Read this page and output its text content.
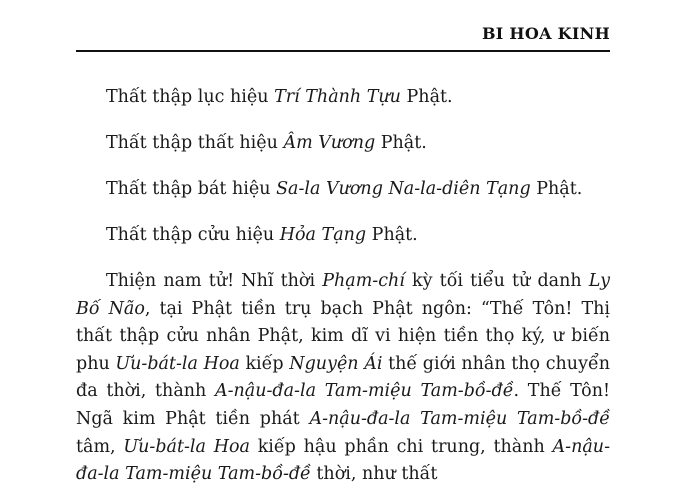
BI HOA KINH

Thất thập lục hiệu Trí Thành Tựu Phật.

Thất thập thất hiệu Âm Vương Phật.

Thất thập bát hiệu Sa-la Vương Na-la-diên Tạng Phật.

Thất thập cửu hiệu Hỏa Tạng Phật.

Thiện nam tử! Nhĩ thời Phạm-chí kỳ tối tiểu tử danh Ly Bố Não, tại Phật tiền trụ bạch Phật ngôn: “Thế Tôn! Thị thất thập cửu nhân Phật, kim dĩ vi hiện tiền thọ ký, ư biến phu Ưu-bát-la Hoa kiếp Nguyện Ái thế giới nhân thọ chuyển đa thời, thành A-nậu-đa-la Tam-miệu Tam-bồ-đề. Thế Tôn! Ngã kim Phật tiền phát A-nậu-đa-la Tam-miệu Tam-bồ-đề tâm, Ưu-bát-la Hoa kiếp hậu phần chi trung, thành A-nậu-đa-la Tam-miệu Tam-bồ-đề thời, như thất
